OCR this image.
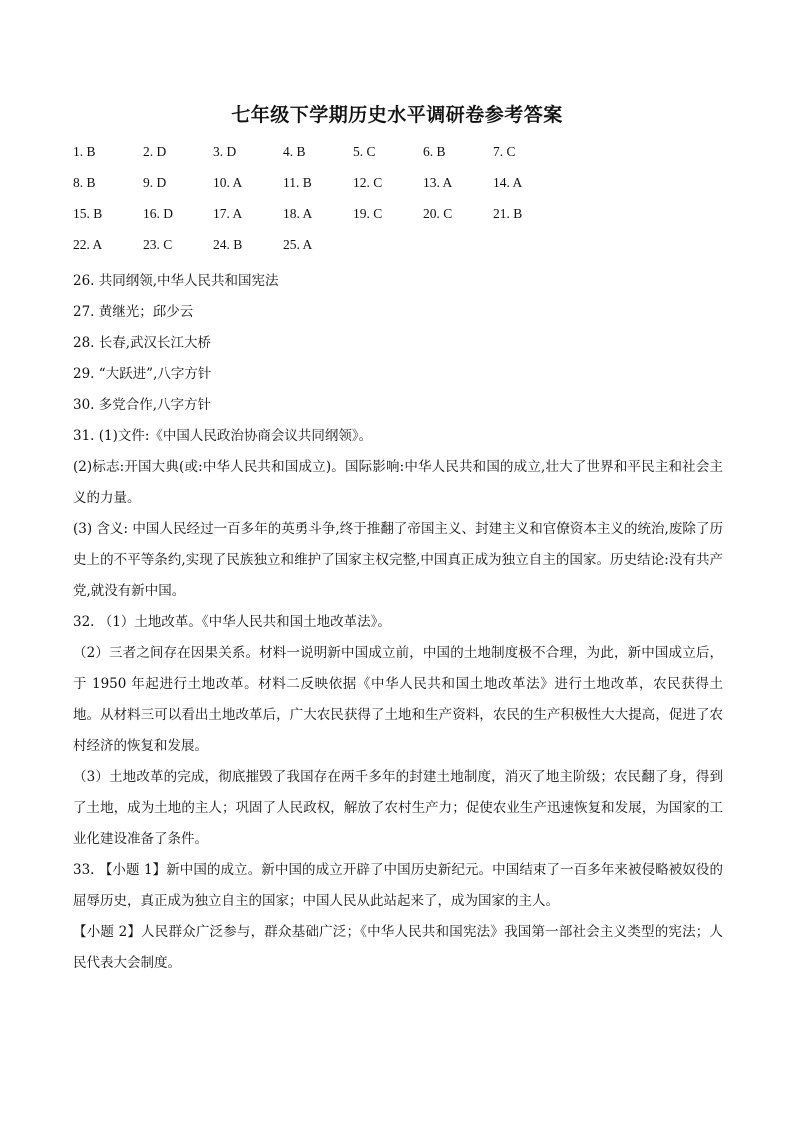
七年级下学期历史水平调研卷参考答案
1. B	2. D	3. D	4. B	5. C	6. B	7. C
8. B	9. D	10. A	11. B	12. C	13. A	14. A
15. B	16. D	17. A	18. A	19. C	20. C	21. B
22. A	23. C	24. B	25. A
26. 共同纲领,中华人民共和国宪法
27. 黄继光；邱少云
28. 长春,武汉长江大桥
29. “大跃进”,八字方针
30. 多党合作,八字方针
31. (1)文件:《中国人民政治协商会议共同纲领》。
(2)标志:开国大典(或:中华人民共和国成立)。国际影响:中华人民共和国的成立,壮大了世界和平民主和社会主义的力量。
(3) 含义: 中国人民经过一百多年的英勇斗争,终于推翻了帝国主义、封建主义和官僚资本主义的统治,废除了历史上的不平等条约,实现了民族独立和维护了国家主权完整,中国真正成为独立自主的国家。历史结论:没有共产党,就没有新中国。
32. （1）土地改革。《中华人民共和国土地改革法》。
（2）三者之间存在因果关系。材料一说明新中国成立前，中国的土地制度极不合理，为此，新中国成立后，于 1950 年起进行土地改革。材料二反映依据《中华人民共和国土地改革法》进行土地改革，农民获得土地。从材料三可以看出土地改革后，广大农民获得了土地和生产资料，农民的生产积极性大大提高，促进了农村经济的恢复和发展。
（3）土地改革的完成，彻底摧毁了我国存在两千多年的封建土地制度，消灭了地主阶级；农民翻了身，得到了土地，成为土地的主人；巩固了人民政权，解放了农村生产力；促使农业生产迅速恢复和发展，为国家的工业化建设准备了条件。
33. 【小题 1】新中国的成立。新中国的成立开辟了中国历史新纪元。中国结束了一百多年来被侵略被奴役的屈辱历史，真正成为独立自主的国家；中国人民从此站起来了，成为国家的主人。
【小题 2】人民群众广泛参与，群众基础广泛；《中华人民共和国宪法》我国第一部社会主义类型的宪法；人民代表大会制度。
